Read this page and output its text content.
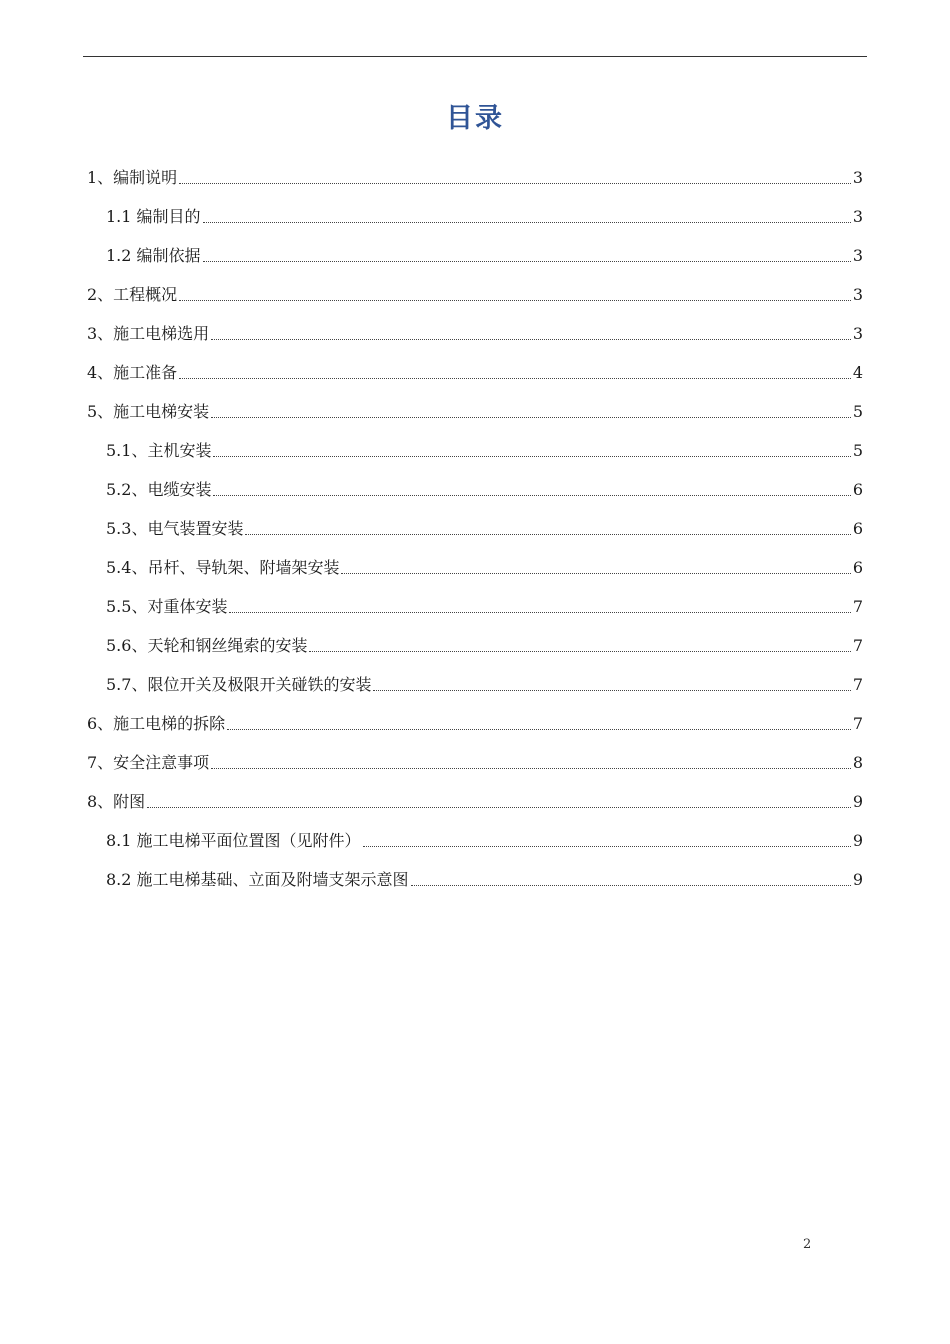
目录
1、编制说明	3
1.1 编制目的	3
1.2 编制依据	3
2、工程概况	3
3、施工电梯选用	3
4、施工准备	4
5、施工电梯安装	5
5.1、主机安装	5
5.2、电缆安装	6
5.3、电气装置安装	6
5.4、吊杆、导轨架、附墙架安装	6
5.5、对重体安装	7
5.6、天轮和钢丝绳索的安装	7
5.7、限位开关及极限开关碰铁的安装	7
6、施工电梯的拆除	7
7、安全注意事项	8
8、附图	9
8.1 施工电梯平面位置图（见附件）	9
8.2 施工电梯基础、立面及附墙支架示意图	9
2
